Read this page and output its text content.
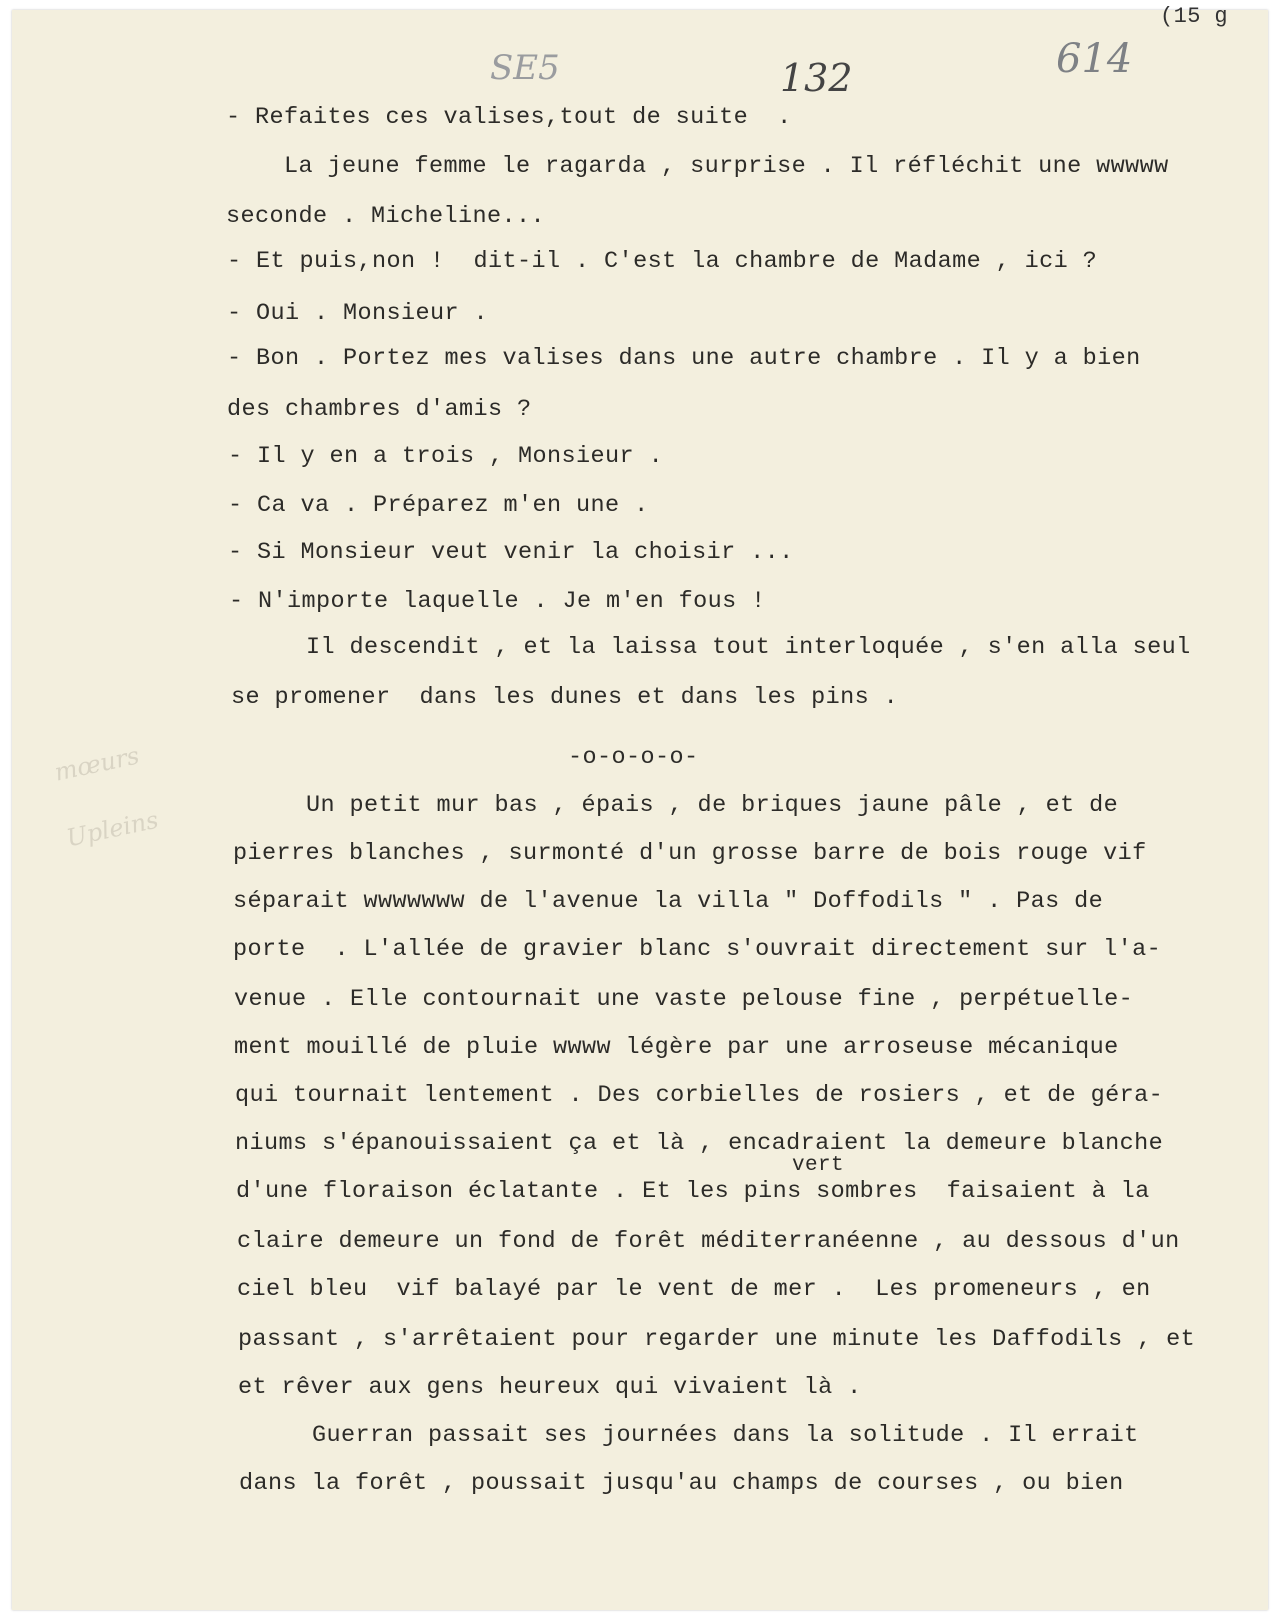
(15 g
SE5	132	614
mœurs
Upleins
- Refaites ces valises,tout de suite  .
La jeune femme le ragarda , surprise . Il réfléchit une wwwww
seconde . Micheline...
- Et puis,non !  dit-il . C'est la chambre de Madame , ici ?
- Oui . Monsieur .
- Bon . Portez mes valises dans une autre chambre . Il y a bien
des chambres d'amis ?
- Il y en a trois , Monsieur .
- Ca va . Préparez m'en une .
- Si Monsieur veut venir la choisir ...
- N'importe laquelle . Je m'en fous !
Il descendit , et la laissa tout interloquée , s'en alla seul
se promener  dans les dunes et dans les pins .
-o-o-o-o-
Un petit mur bas , épais , de briques jaune pâle , et de
pierres blanches , surmonté d'un grosse barre de bois rouge vif
séparait wwwwwww de l'avenue la villa " Doffodils " . Pas de
porte  . L'allée de gravier blanc s'ouvrait directement sur l'a-
venue . Elle contournait une vaste pelouse fine , perpétuelle-
ment mouillé de pluie wwww légère par une arroseuse mécanique
qui tournait lentement . Des corbielles de rosiers , et de géra-
niums s'épanouissaient ça et là , encadraient la demeure blanche
vert
d'une floraison éclatante . Et les pins sombres  faisaient à la
claire demeure un fond de forêt méditerranéenne , au dessous d'un
ciel bleu  vif balayé par le vent de mer .  Les promeneurs , en
passant , s'arrêtaient pour regarder une minute les Daffodils , et
et rêver aux gens heureux qui vivaient là .
Guerran passait ses journées dans la solitude . Il errait
dans la forêt , poussait jusqu'au champs de courses , ou bien
